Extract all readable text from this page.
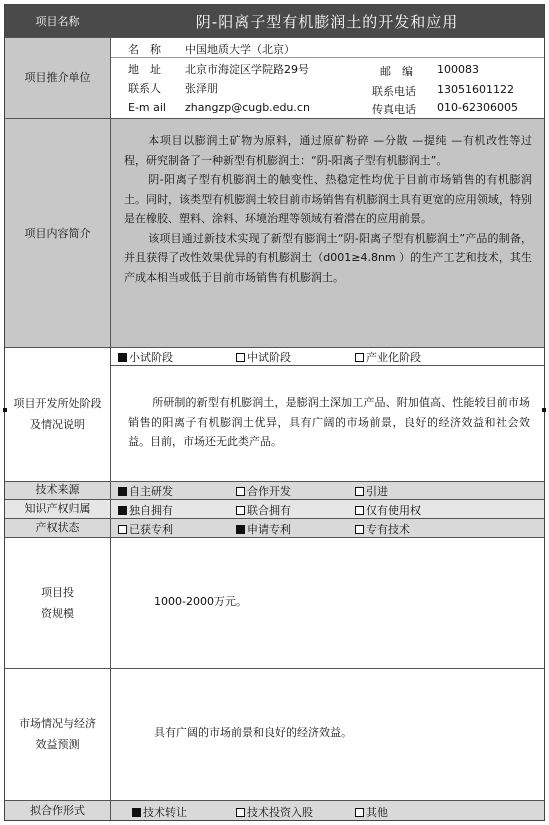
项目名称	阴-阳离子型有机膨润土的开发和应用
项目推介单位
名　称 中国地质大学（北京）
地　址 北京市海淀区学院路29号	邮　编 100083
联系人 张泽朋	联系电话 13051601122
E-m ail zhangzp@cugb.edu.cn	传真电话 010-62306005
项目内容简介

本项目以膨润土矿物为原料，通过原矿粉碎 —分散 —提纯 —有机改性等过程，研究制备了一种新型有机膨润土：“阴-阳离子型有机膨润土”。

阴-阳离子型有机膨润土的触变性、热稳定性均优于目前市场销售的有机膨润土。同时，该类型有机膨润土较目前市场销售有机膨润土具有更宽的应用领域，特别是在橡胶、塑料、涂料、环境治理等领域有着潜在的应用前景。

该项目通过新技术实现了新型有膨润土“阴-阳离子型有机膨润土”产品的制备，并且获得了改性效果优异的有机膨润土（d001≥4.8nm ）的生产工艺和技术，其生产成本相当或低于目前市场销售有机膨润土。

小试阶段	中试阶段	产业化阶段
项目开发所处阶段及情况说明

所研制的新型有机膨润土，是膨润土深加工产品、附加值高、性能较目前市场销售的阳离子有机膨润土优异，具有广阔的市场前景，良好的经济效益和社会效益。目前，市场还无此类产品。

技术来源	自主研发	合作开发	引进
知识产权归属	独自拥有	联合拥有	仅有使用权
产权状态	已获专利	申请专利	专有技术
项目投
资规模
1000-2000万元。
市场情况与经济
效益预测
具有广阔的市场前景和良好的经济效益。
拟合作形式	技术转让	技术投资入股	其他
